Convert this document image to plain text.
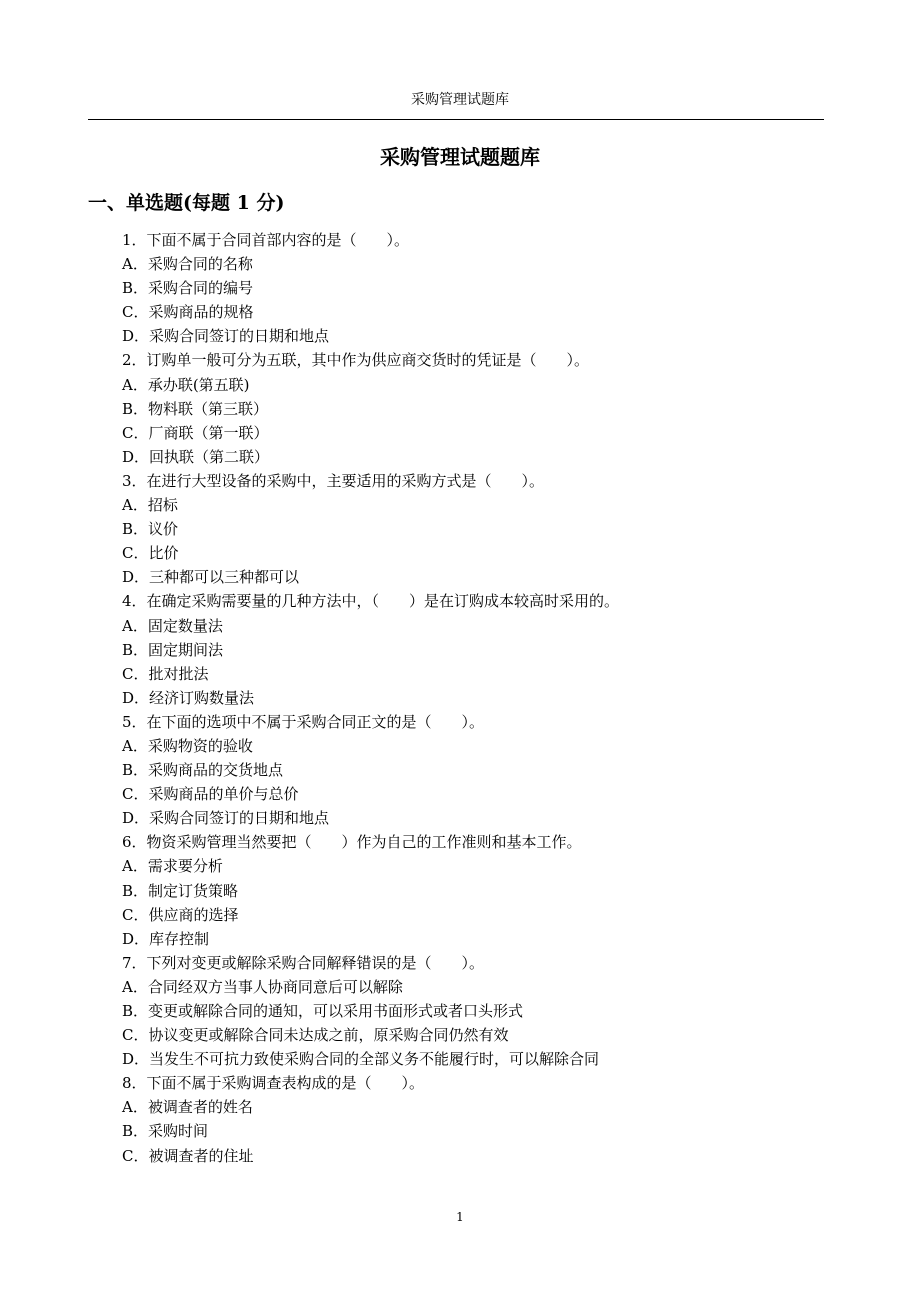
采购管理试题库
采购管理试题题库
一、单选题(每题 1 分)
1．下面不属于合同首部内容的是（　　）。
A．采购合同的名称
B．采购合同的编号
C．采购商品的规格
D．采购合同签订的日期和地点
2．订购单一般可分为五联，其中作为供应商交货时的凭证是（　　）。
A．承办联(第五联)
B．物料联（第三联）
C．厂商联（第一联）
D．回执联（第二联）
3．在进行大型设备的采购中，主要适用的采购方式是（　　）。
A．招标
B．议价
C．比价
D．三种都可以三种都可以
4．在确定采购需要量的几种方法中，（　　）是在订购成本较高时采用的。
A．固定数量法
B．固定期间法
C．批对批法
D．经济订购数量法
5．在下面的选项中不属于采购合同正文的是（　　）。
A．采购物资的验收
B．采购商品的交货地点
C．采购商品的单价与总价
D．采购合同签订的日期和地点
6．物资采购管理当然要把（　　）作为自己的工作准则和基本工作。
A．需求要分析
B．制定订货策略
C．供应商的选择
D．库存控制
7．下列对变更或解除采购合同解释错误的是（　　）。
A．合同经双方当事人协商同意后可以解除
B．变更或解除合同的通知，可以采用书面形式或者口头形式
C．协议变更或解除合同未达成之前，原采购合同仍然有效
D．当发生不可抗力致使采购合同的全部义务不能履行时，可以解除合同
8．下面不属于采购调查表构成的是（　　）。
A．被调查者的姓名
B．采购时间
C．被调查者的住址
1
